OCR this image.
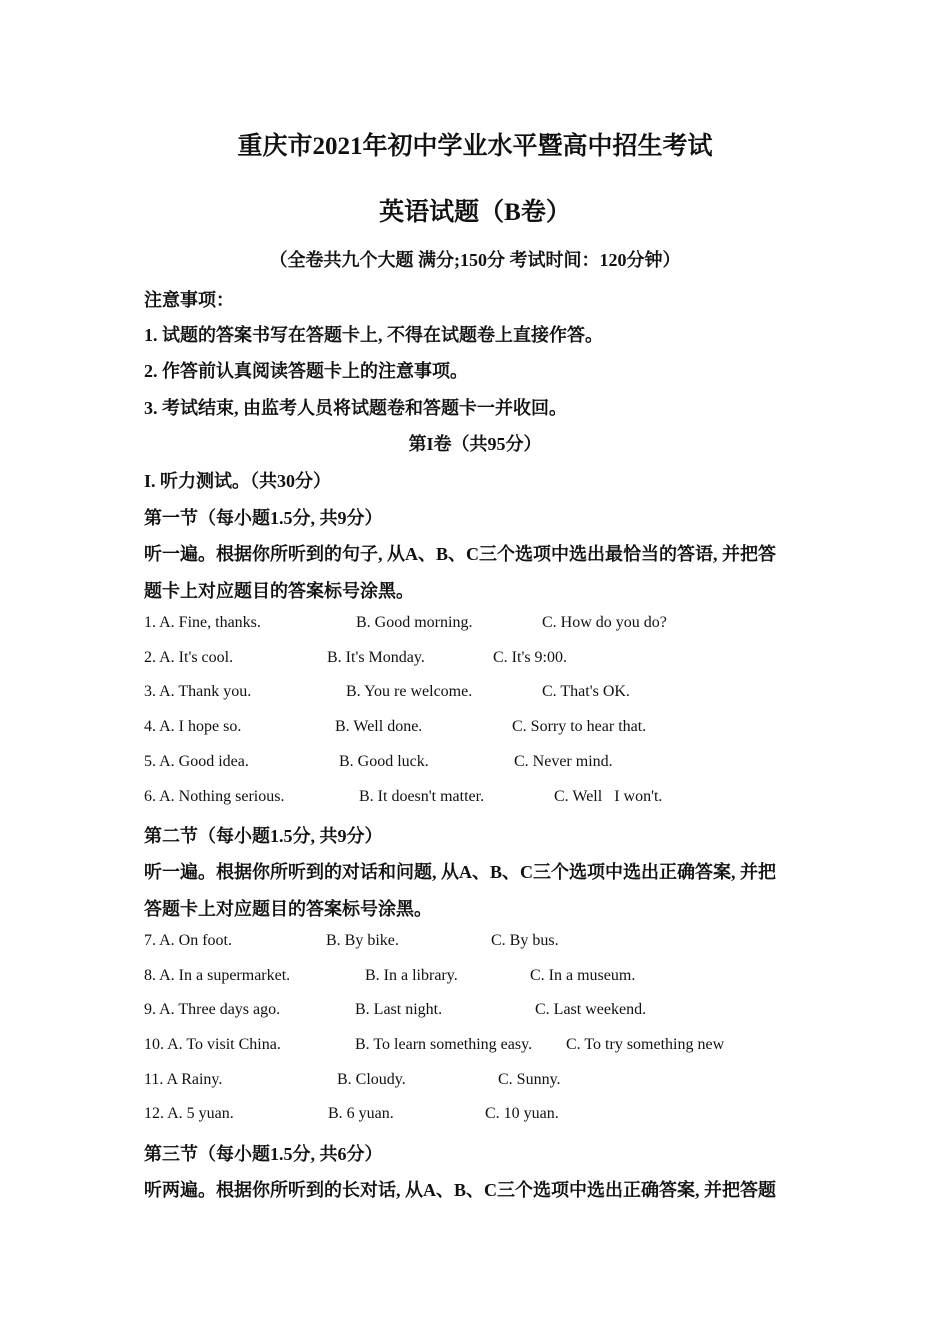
重庆市2021年初中学业水平暨高中招生考试
英语试题（B卷）
（全卷共九个大题 满分;150分 考试时间：120分钟）
注意事项：
1. 试题的答案书写在答题卡上, 不得在试题卷上直接作答。
2. 作答前认真阅读答题卡上的注意事项。
3. 考试结束, 由监考人员将试题卷和答题卡一并收回。
第I卷（共95分）
I. 听力测试。（共30分）
第一节（每小题1.5分, 共9分）
听一遍。根据你所听到的句子, 从A、B、C三个选项中选出最恰当的答语, 并把答
题卡上对应题目的答案标号涂黑。
1. A. Fine, thanks.	B. Good morning.	C. How do you do?
2. A. It's cool.	B. It's Monday.	C. It's 9:00.
3. A. Thank you.	B. You re welcome.	C. That's OK.
4. A. I hope so.	B. Well done.	C. Sorry to hear that.
5. A. Good idea.	B. Good luck.	C. Never mind.
6. A. Nothing serious.	B. It doesn't matter.	C. Well   I won't.
第二节（每小题1.5分, 共9分）
听一遍。根据你所听到的对话和问题, 从A、B、C三个选项中选出正确答案, 并把
答题卡上对应题目的答案标号涂黑。
7. A. On foot.	B. By bike.	C. By bus.
8. A. In a supermarket.	B. In a library.	C. In a museum.
9. A. Three days ago.	B. Last night.	C. Last weekend.
10. A. To visit China.	B. To learn something easy. C. To try something new
11. A Rainy.	B. Cloudy.	C. Sunny.
12. A. 5 yuan.	B. 6 yuan.	C. 10 yuan.
第三节（每小题1.5分, 共6分）
听两遍。根据你所听到的长对话, 从A、B、C三个选项中选出正确答案, 并把答题
